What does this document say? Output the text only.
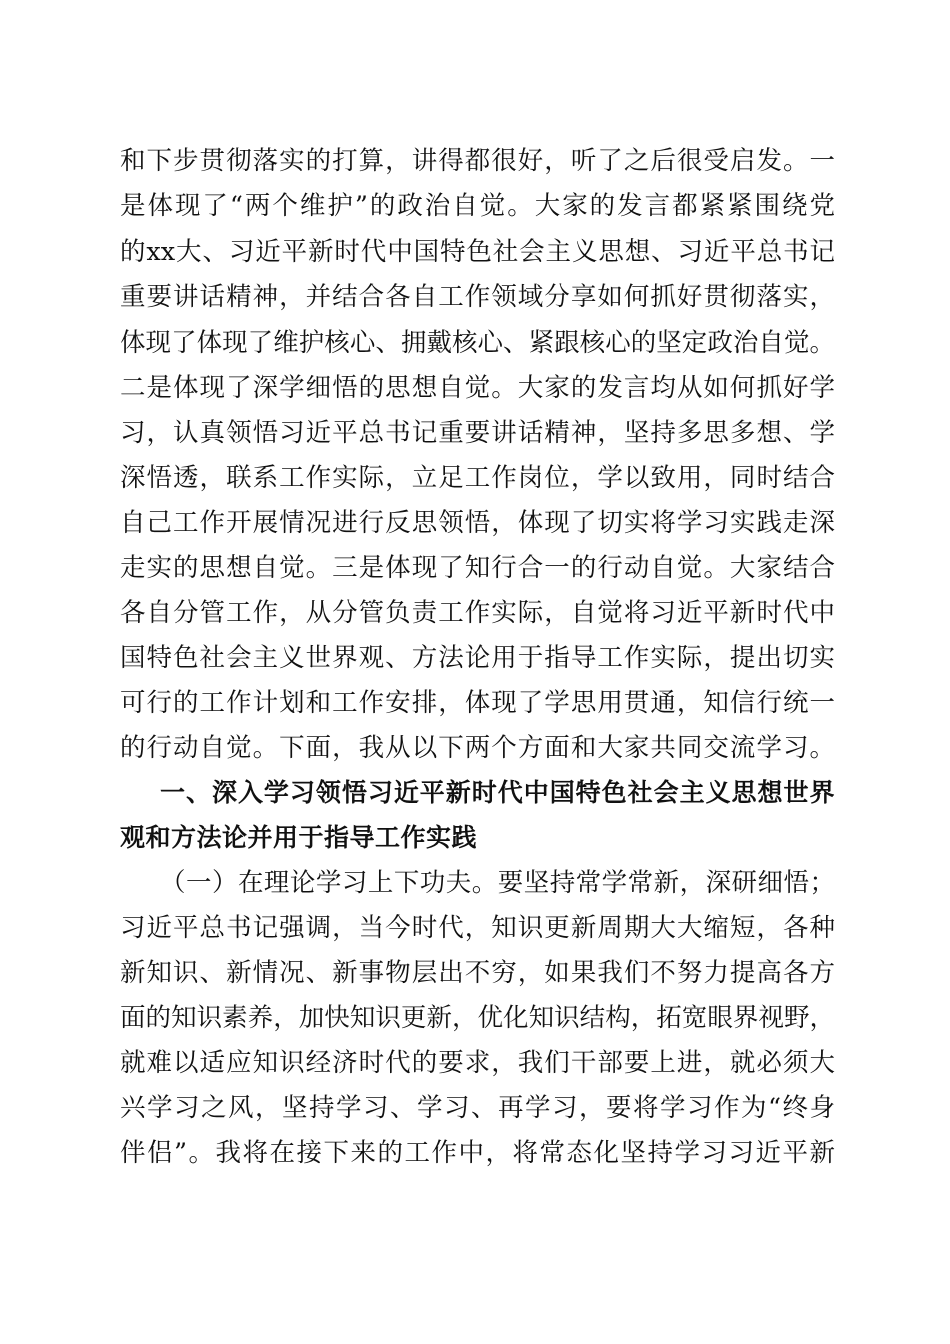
和下步贯彻落实的打算，讲得都很好，听了之后很受启发。一
是体现了“两个维护”的政治自觉。大家的发言都紧紧围绕党
的xx大、习近平新时代中国特色社会主义思想、习近平总书记
重要讲话精神，并结合各自工作领域分享如何抓好贯彻落实，
体现了体现了维护核心、拥戴核心、紧跟核心的坚定政治自觉。
二是体现了深学细悟的思想自觉。大家的发言均从如何抓好学
习，认真领悟习近平总书记重要讲话精神，坚持多思多想、学
深悟透，联系工作实际，立足工作岗位，学以致用，同时结合
自己工作开展情况进行反思领悟，体现了切实将学习实践走深
走实的思想自觉。三是体现了知行合一的行动自觉。大家结合
各自分管工作，从分管负责工作实际，自觉将习近平新时代中
国特色社会主义世界观、方法论用于指导工作实际，提出切实
可行的工作计划和工作安排，体现了学思用贯通，知信行统一
的行动自觉。下面，我从以下两个方面和大家共同交流学习。
一、深入学习领悟习近平新时代中国特色社会主义思想世界
观和方法论并用于指导工作实践
（一）在理论学习上下功夫。要坚持常学常新，深研细悟；
习近平总书记强调，当今时代，知识更新周期大大缩短，各种
新知识、新情况、新事物层出不穷，如果我们不努力提高各方
面的知识素养，加快知识更新，优化知识结构，拓宽眼界视野，
就难以适应知识经济时代的要求，我们干部要上进，就必须大
兴学习之风，坚持学习、学习、再学习，要将学习作为“终身
伴侣”。我将在接下来的工作中，将常态化坚持学习习近平新
